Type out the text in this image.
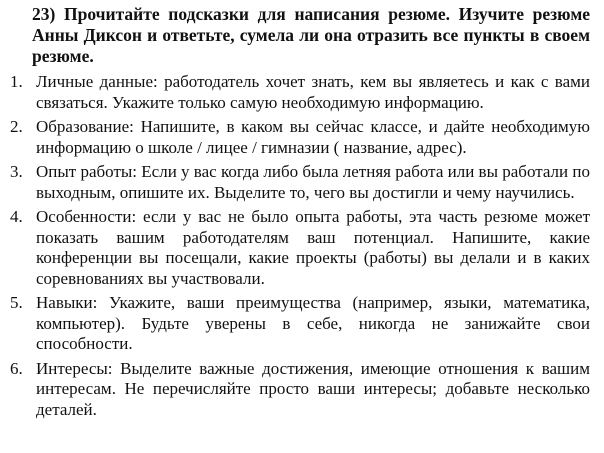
23) Прочитайте подсказки для написания резюме. Изучите резюме Анны Диксон и ответьте, сумела ли она отразить все пункты в своем резюме.

1. Личные данные: работодатель хочет знать, кем вы являетесь и как с вами связаться. Укажите только самую необходимую информацию.
2. Образование: Напишите, в каком вы сейчас классе, и дайте необходимую информацию о школе / лицее / гимназии ( название, адрес).
3. Опыт работы: Если у вас когда либо была летняя работа или вы работали по выходным, опишите их. Выделите то, чего вы достигли и чему научились.
4. Особенности: если у вас не было опыта работы, эта часть резюме может показать вашим работодателям ваш потенциал. Напишите, какие конференции вы посещали, какие проекты (работы) вы делали и в каких соревнованиях вы участвовали.
5. Навыки: Укажите, ваши преимущества (например, языки, математика, компьютер). Будьте уверены в себе, никогда не занижайте свои способности.
6. Интересы: Выделите важные достижения, имеющие отношения к вашим интересам. Не перечисляйте просто ваши интересы; добавьте несколько деталей.
